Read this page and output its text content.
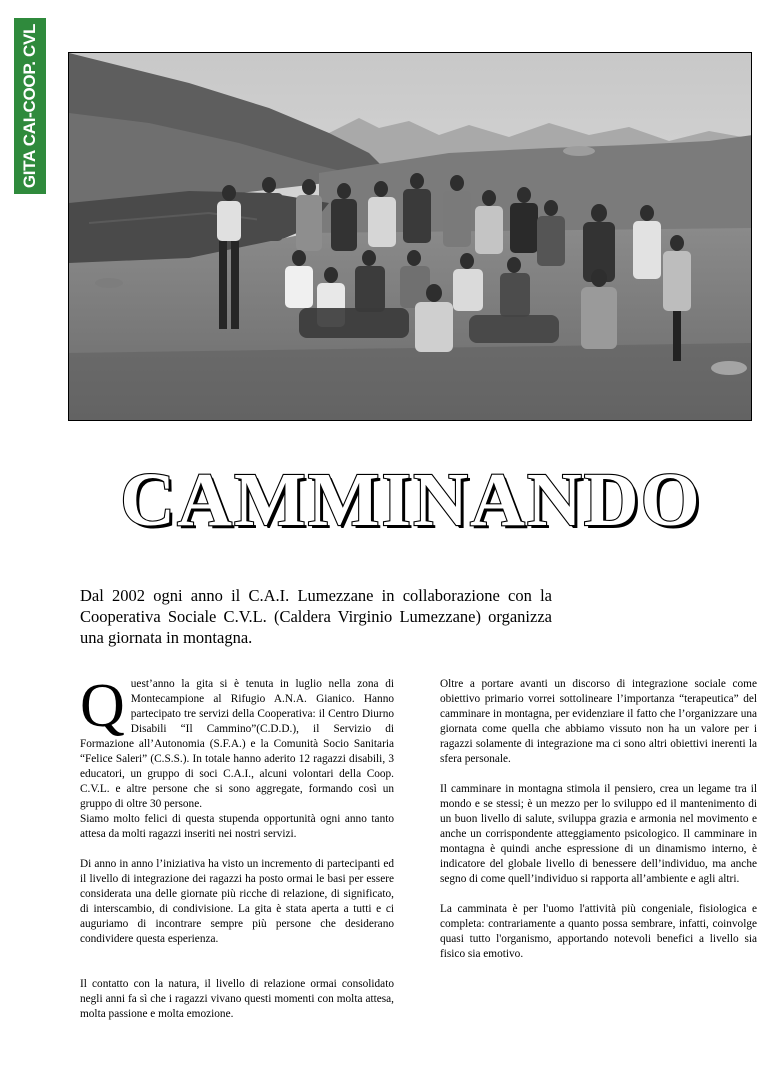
GITA CAI-COOP. CVL
CAMMINANDO

Dal 2002 ogni anno il C.A.I. Lumezzane in collaborazione con la Cooperativa Sociale C.V.L. (Caldera Virginio Lumezzane) organizza una giornata in montagna.

Quest’anno la gita si è tenuta in luglio nella zona di Montecampione al Rifugio A.N.A. Gianico. Hanno partecipato tre servizi della Cooperativa: il Centro Diurno Disabili “Il Cammino”(C.D.D.), il Servizio di Formazione all’Autonomia (S.F.A.) e la Comunità Socio Sanitaria “Felice Saleri” (C.S.S.). In totale hanno aderito 12 ragazzi disabili, 3 educatori, un gruppo di soci C.A.I., alcuni volontari della Coop. C.V.L. e altre persone che si sono aggregate, formando così un gruppo di oltre 30 persone.

Siamo molto felici di questa stupenda opportunità ogni anno tanto attesa da molti ragazzi inseriti nei nostri servizi.

Di anno in anno l’iniziativa ha visto un incremento di partecipanti ed il livello di integrazione dei ragazzi ha posto ormai le basi per essere considerata una delle giornate più ricche di relazione, di significato, di interscambio, di condivisione. La gita è stata aperta a tutti e ci auguriamo di incontrare sempre più persone che desiderano condividere questa esperienza.

Il contatto con la natura, il livello di relazione ormai consolidato negli anni fa sì che i ragazzi vivano questi momenti con molta attesa, molta passione e molta emozione.

Oltre a portare avanti un discorso di integrazione sociale come obiettivo primario vorrei sottolineare l’importanza “terapeutica” del camminare in montagna, per evidenziare il fatto che l’organizzare una giornata come quella che abbiamo vissuto non ha un valore per i ragazzi solamente di integrazione ma ci sono altri obiettivi inerenti la sfera personale.

Il camminare in montagna stimola il pensiero, crea un legame tra il mondo e se stessi; è un mezzo per lo sviluppo ed il mantenimento di un buon livello di salute, sviluppa grazia e armonia nel movimento e anche un corrispondente atteggiamento psicologico. Il camminare in montagna è quindi anche espressione di un dinamismo interno, è indicatore del globale livello di benessere dell’individuo, ma anche segno di come quell’individuo si rapporta all’ambiente e agli altri.

La camminata è per l'uomo l'attività più congeniale, fisiologica e completa: contrariamente a quanto possa sembrare, infatti, coinvolge quasi tutto l'organismo, apportando notevoli benefici a livello sia fisico sia emotivo.
